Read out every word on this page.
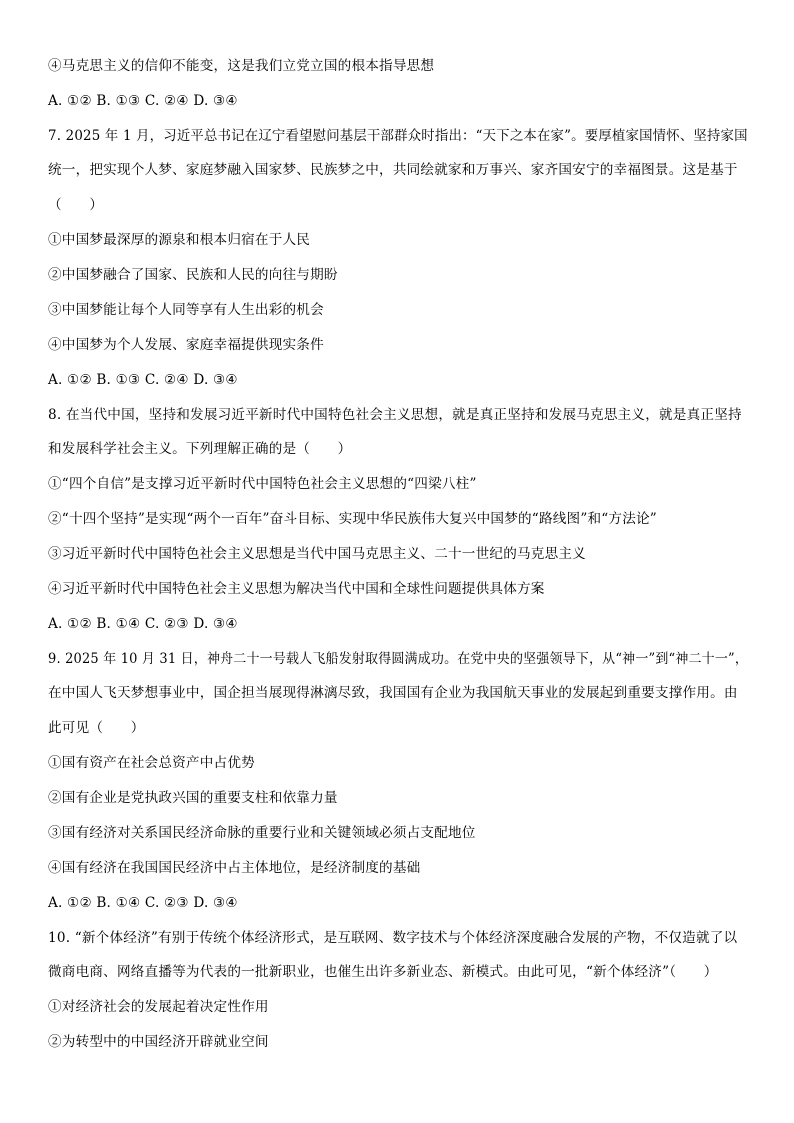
④马克思主义的信仰不能变，这是我们立党立国的根本指导思想
A. ①② B. ①③ C. ②④ D. ③④
7. 2025 年 1 月，习近平总书记在辽宁看望慰问基层干部群众时指出：“天下之本在家”。要厚植家国情怀、坚持家国
统一，把实现个人梦、家庭梦融入国家梦、民族梦之中，共同绘就家和万事兴、家齐国安宁的幸福图景。这是基于
（　　）
①中国梦最深厚的源泉和根本归宿在于人民
②中国梦融合了国家、民族和人民的向往与期盼
③中国梦能让每个人同等享有人生出彩的机会
④中国梦为个人发展、家庭幸福提供现实条件
A. ①② B. ①③ C. ②④ D. ③④
8. 在当代中国，坚持和发展习近平新时代中国特色社会主义思想，就是真正坚持和发展马克思主义，就是真正坚持
和发展科学社会主义。下列理解正确的是（　　）
①“四个自信”是支撑习近平新时代中国特色社会主义思想的“四梁八柱”
②“十四个坚持”是实现“两个一百年”奋斗目标、实现中华民族伟大复兴中国梦的“路线图”和“方法论”
③习近平新时代中国特色社会主义思想是当代中国马克思主义、二十一世纪的马克思主义
④习近平新时代中国特色社会主义思想为解决当代中国和全球性问题提供具体方案
A. ①② B. ①④ C. ②③ D. ③④
9. 2025 年 10 月 31 日，神舟二十一号载人飞船发射取得圆满成功。在党中央的坚强领导下，从“神一”到“神二十一”，
在中国人飞天梦想事业中，国企担当展现得淋漓尽致，我国国有企业为我国航天事业的发展起到重要支撑作用。由
此可见（　　）
①国有资产在社会总资产中占优势
②国有企业是党执政兴国的重要支柱和依靠力量
③国有经济对关系国民经济命脉的重要行业和关键领域必须占支配地位
④国有经济在我国国民经济中占主体地位，是经济制度的基础
A. ①② B. ①④ C. ②③ D. ③④
10. “新个体经济”有别于传统个体经济形式，是互联网、数字技术与个体经济深度融合发展的产物，不仅造就了以
微商电商、网络直播等为代表的一批新职业，也催生出许多新业态、新模式。由此可见，“新个体经济”（　　）
①对经济社会的发展起着决定性作用
②为转型中的中国经济开辟就业空间
